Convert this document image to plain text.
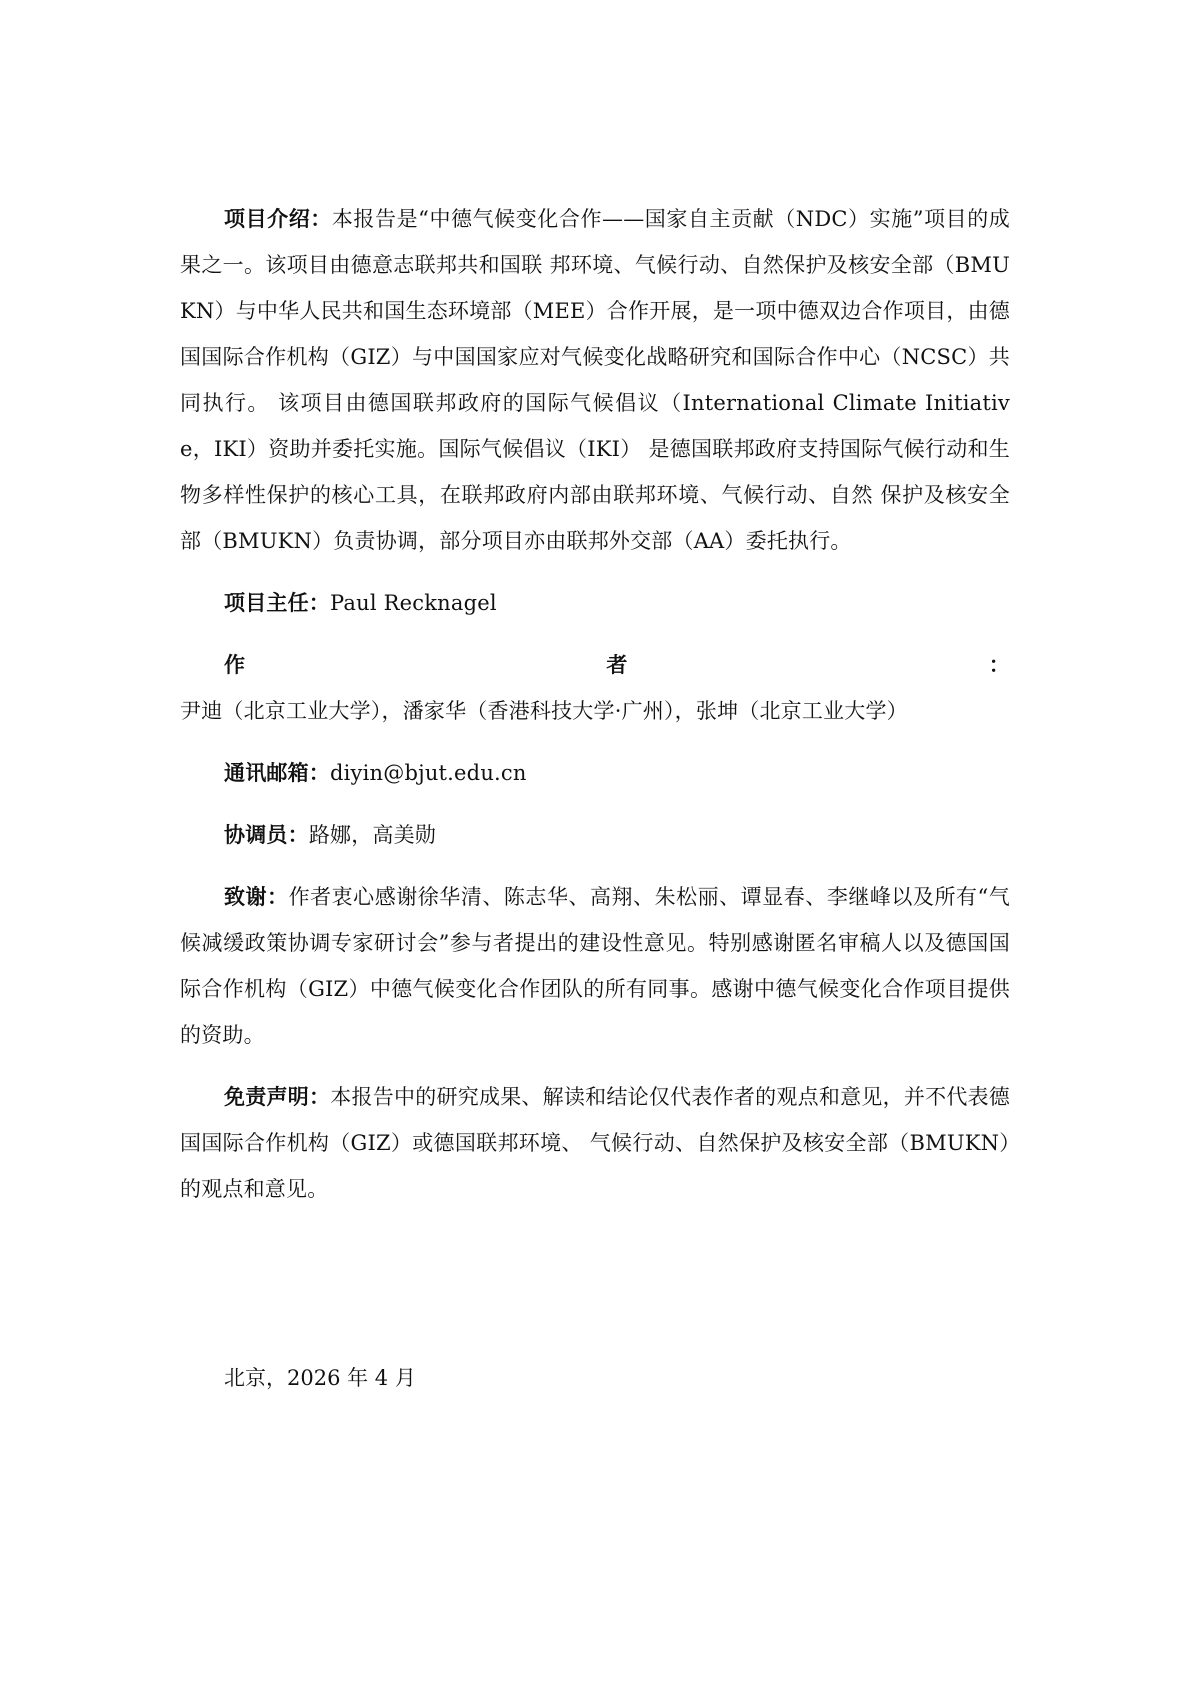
项目介绍：本报告是“中德气候变化合作——国家自主贡献（NDC）实施”项目的成果之一。该项目由德意志联邦共和国联 邦环境、气候行动、自然保护及核安全部（BMUKN）与中华人民共和国生态环境部（MEE）合作开展，是一项中德双边合作项目，由德国国际合作机构（GIZ）与中国国家应对气候变化战略研究和国际合作中心（NCSC）共同执行。 该项目由德国联邦政府的国际气候倡议（International Climate Initiative，IKI）资助并委托实施。国际气候倡议（IKI） 是德国联邦政府支持国际气候行动和生物多样性保护的核心工具，在联邦政府内部由联邦环境、气候行动、自然 保护及核安全部（BMUKN）负责协调，部分项目亦由联邦外交部（AA）委托执行。

项目主任：Paul Recknagel

作者：尹迪（北京工业大学），潘家华（香港科技大学·广州），张坤（北京工业大学）

通讯邮箱：diyin@bjut.edu.cn

协调员：路娜，高美勋

致谢：作者衷心感谢徐华清、陈志华、高翔、朱松丽、谭显春、李继峰以及所有“气候减缓政策协调专家研讨会”参与者提出的建设性意见。特别感谢匿名审稿人以及德国国际合作机构（GIZ）中德气候变化合作团队的所有同事。感谢中德气候变化合作项目提供的资助。

免责声明：本报告中的研究成果、解读和结论仅代表作者的观点和意见，并不代表德国国际合作机构（GIZ）或德国联邦环境、 气候行动、自然保护及核安全部（BMUKN）的观点和意见。

北京，2026 年 4 月
